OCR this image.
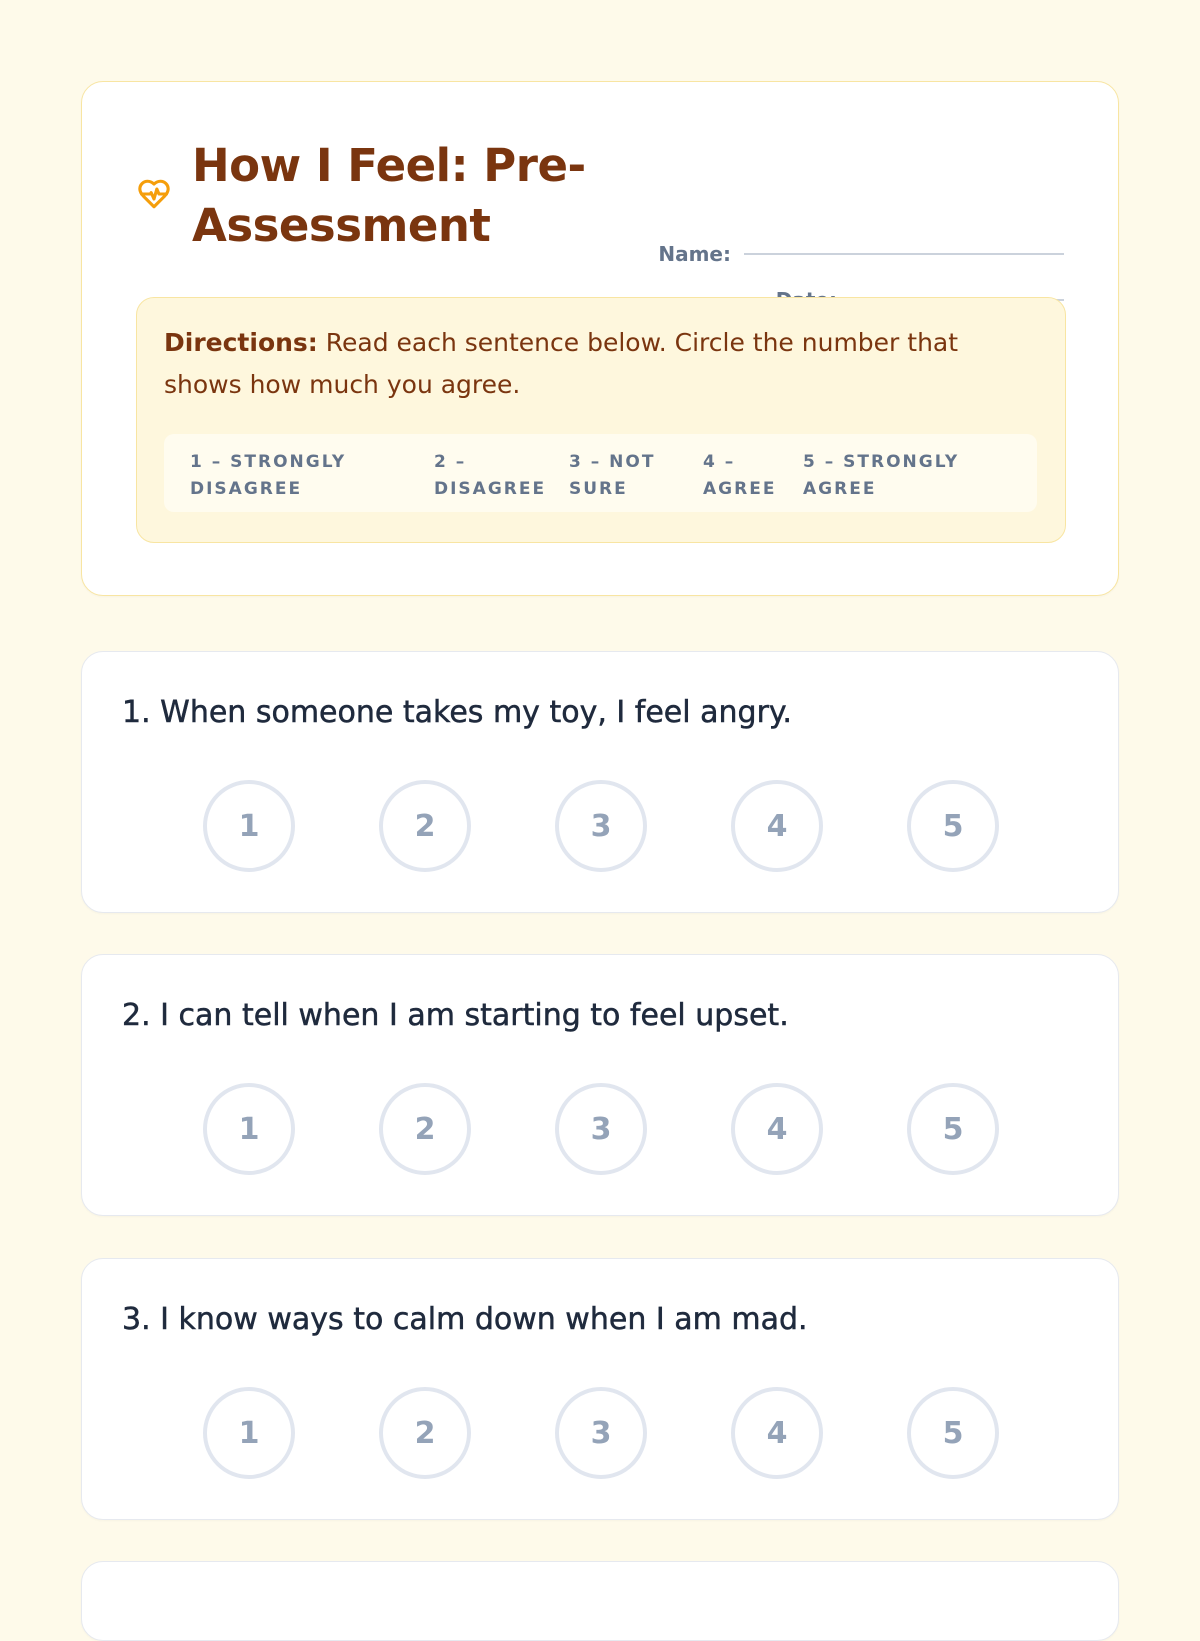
How I Feel: Pre-Assessment
Name:

Directions: Read each sentence below. Circle the number that shows how much you agree.

1 – STRONGLY DISAGREE
2 – DISAGREE
3 – NOT SURE
4 – AGREE
5 – STRONGLY AGREE

1. When someone takes my toy, I feel angry.

1	2	3	4	5

2. I can tell when I am starting to feel upset.

1	2	3	4	5

3. I know ways to calm down when I am mad.

1	2	3	4	5
